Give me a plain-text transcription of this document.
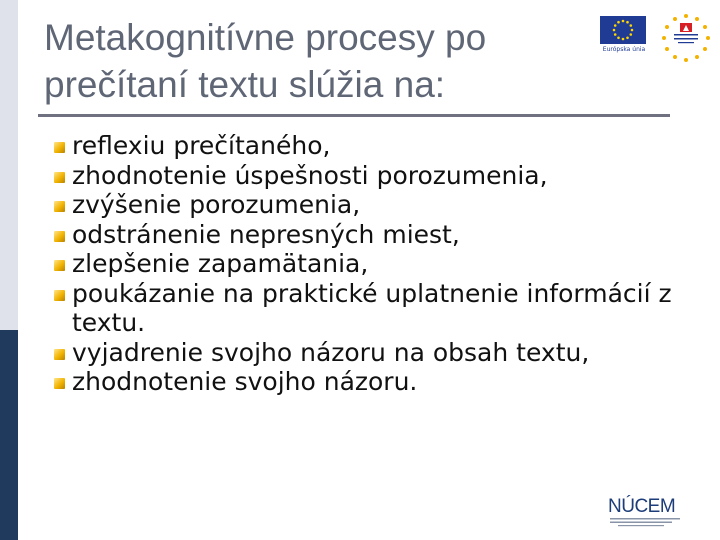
Metakognitívne procesy po
prečítaní textu slúžia na:
Európska únia
reflexiu prečítaného,
zhodnotenie úspešnosti porozumenia,
zvýšenie porozumenia,
odstránenie nepresných miest,
zlepšenie zapamätania,
poukázanie na praktické uplatnenie informácií z textu.
vyjadrenie svojho názoru na obsah textu,
zhodnotenie svojho názoru.
NÚCEM
